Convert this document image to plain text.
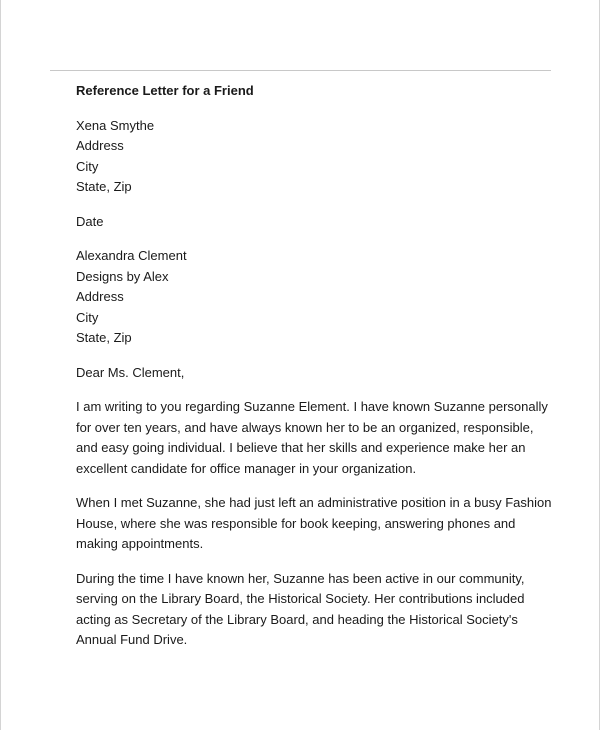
Reference Letter for a Friend
Xena Smythe
Address
City
State, Zip
Date
Alexandra Clement
Designs by Alex
Address
City
State, Zip
Dear Ms. Clement,
I am writing to you regarding Suzanne Element. I have known Suzanne personally
for over ten years, and have always known her to be an organized, responsible,
and easy going individual. I believe that her skills and experience make her an
excellent candidate for office manager in your organization.
When I met Suzanne, she had just left an administrative position in a busy Fashion
House, where she was responsible for book keeping, answering phones and
making appointments.
During the time I have known her, Suzanne has been active in our community,
serving on the Library Board, the Historical Society. Her contributions included
acting as Secretary of the Library Board, and heading the Historical Society's
Annual Fund Drive.
